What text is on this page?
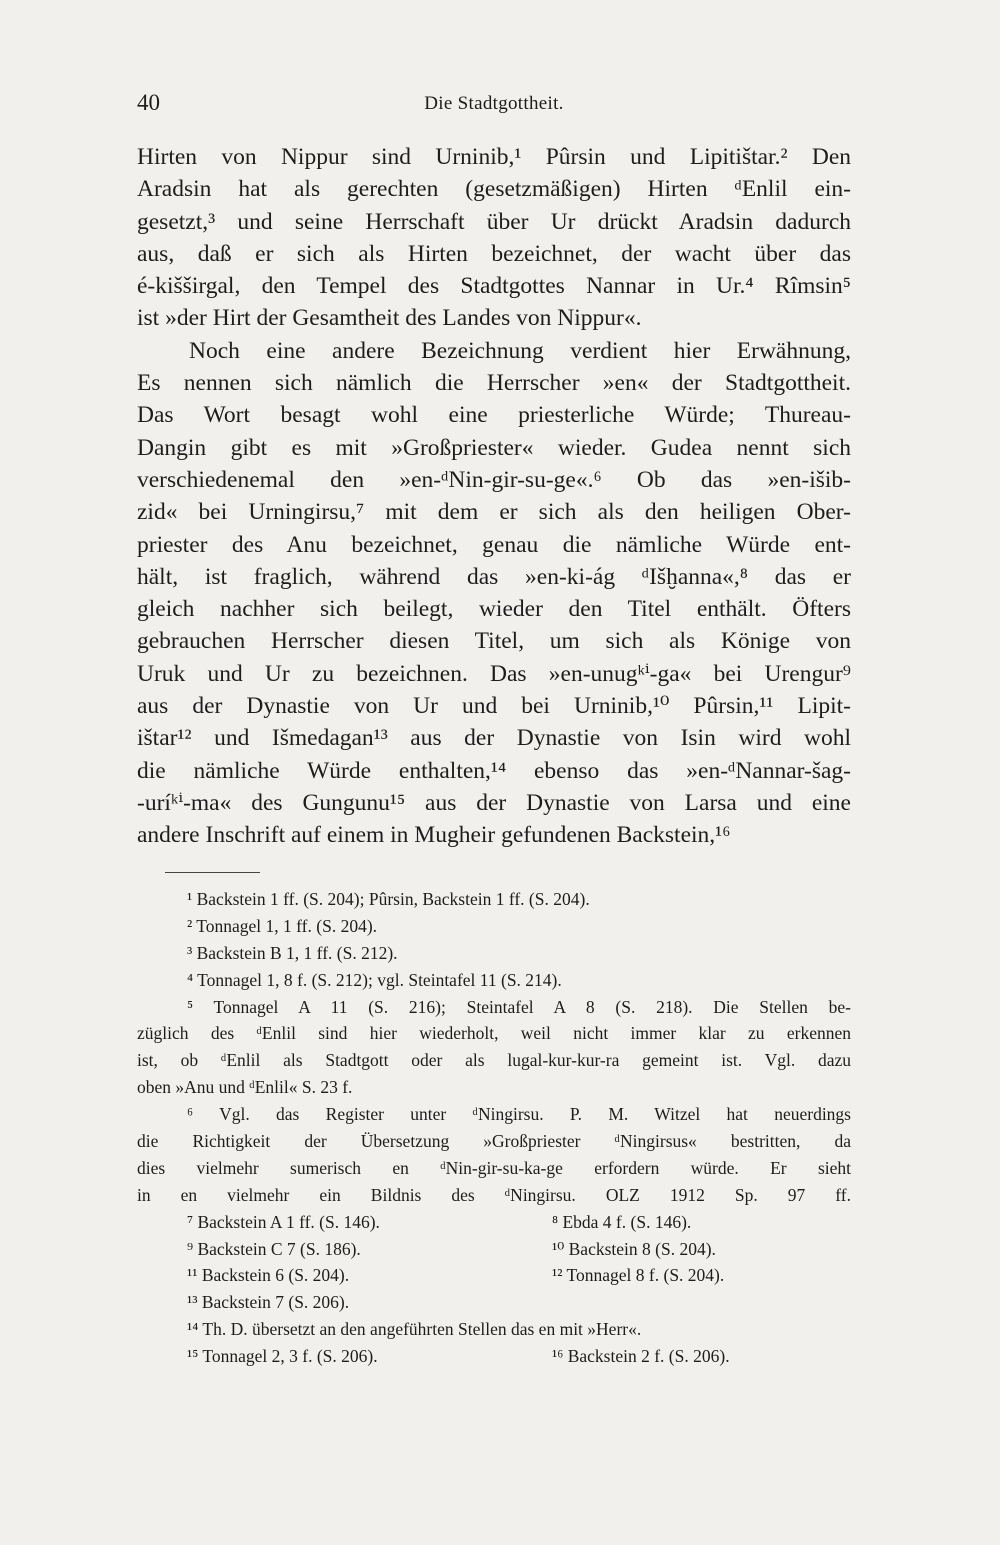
40	Die Stadtgottheit.
Hirten von Nippur sind Urninib,¹ Pûrsin und Lipitištar.² Den
Aradsin hat als gerechten (gesetzmäßigen) Hirten ᵈEnlil ein-
gesetzt,³ und seine Herrschaft über Ur drückt Aradsin dadurch
aus, daß er sich als Hirten bezeichnet, der wacht über das
é-kišširgal, den Tempel des Stadtgottes Nannar in Ur.⁴ Rîmsin⁵
ist »der Hirt der Gesamtheit des Landes von Nippur«.
Noch eine andere Bezeichnung verdient hier Erwähnung,
Es nennen sich nämlich die Herrscher »en« der Stadtgottheit.
Das Wort besagt wohl eine priesterliche Würde; Thureau-
Dangin gibt es mit »Großpriester« wieder. Gudea nennt sich
verschiedenemal den »en-ᵈNin-gir-su-ge«.⁶ Ob das »en-išib-
zid« bei Urningirsu,⁷ mit dem er sich als den heiligen Ober-
priester des Anu bezeichnet, genau die nämliche Würde ent-
hält, ist fraglich, während das »en-ki-ág ᵈIšḫanna«,⁸ das er
gleich nachher sich beilegt, wieder den Titel enthält. Öfters
gebrauchen Herrscher diesen Titel, um sich als Könige von
Uruk und Ur zu bezeichnen. Das »en-unugᵏⁱ-ga« bei Urengur⁹
aus der Dynastie von Ur und bei Urninib,¹⁰ Pûrsin,¹¹ Lipit-
ištar¹² und Išmedagan¹³ aus der Dynastie von Isin wird wohl
die nämliche Würde enthalten,¹⁴ ebenso das »en-ᵈNannar-šag-
-uríᵏⁱ-ma« des Gungunu¹⁵ aus der Dynastie von Larsa und eine
andere Inschrift auf einem in Mugheir gefundenen Backstein,¹⁶
¹ Backstein 1 ff. (S. 204); Pûrsin, Backstein 1 ff. (S. 204).
² Tonnagel 1, 1 ff. (S. 204).
³ Backstein B 1, 1 ff. (S. 212).
⁴ Tonnagel 1, 8 f. (S. 212); vgl. Steintafel 11 (S. 214).
⁵ Tonnagel A 11 (S. 216); Steintafel A 8 (S. 218). Die Stellen be-
züglich des ᵈEnlil sind hier wiederholt, weil nicht immer klar zu erkennen
ist, ob ᵈEnlil als Stadtgott oder als lugal-kur-kur-ra gemeint ist. Vgl. dazu
oben »Anu und ᵈEnlil« S. 23 f.
⁶ Vgl. das Register unter ᵈNingirsu. P. M. Witzel hat neuerdings
die Richtigkeit der Übersetzung »Großpriester ᵈNingirsus« bestritten, da
dies vielmehr sumerisch en ᵈNin-gir-su-ka-ge erfordern würde. Er sieht
in en vielmehr ein Bildnis des ᵈNingirsu. OLZ 1912 Sp. 97 ff.
⁷ Backstein A 1 ff. (S. 146).	⁸ Ebda 4 f. (S. 146).
⁹ Backstein C 7 (S. 186).	¹⁰ Backstein 8 (S. 204).
¹¹ Backstein 6 (S. 204).	¹² Tonnagel 8 f. (S. 204).
¹³ Backstein 7 (S. 206).
¹⁴ Th. D. übersetzt an den angeführten Stellen das en mit »Herr«.
¹⁵ Tonnagel 2, 3 f. (S. 206).	¹⁶ Backstein 2 f. (S. 206).
